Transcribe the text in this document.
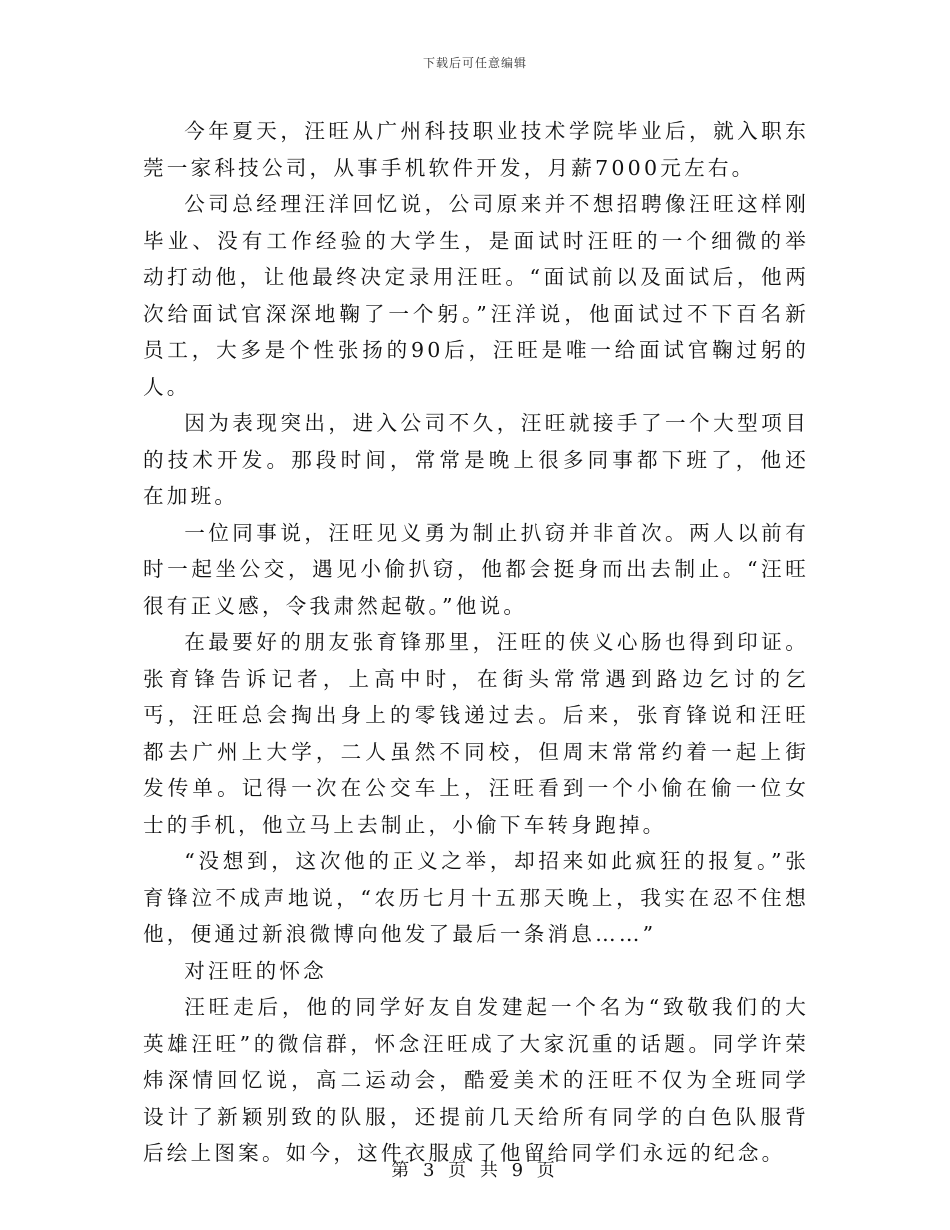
下载后可任意编辑

今年夏天，汪旺从广州科技职业技术学院毕业后，就入职东莞一家科技公司，从事手机软件开发，月薪7000元左右。

公司总经理汪洋回忆说，公司原来并不想招聘像汪旺这样刚毕业、没有工作经验的大学生，是面试时汪旺的一个细微的举动打动他，让他最终决定录用汪旺。“面试前以及面试后，他两次给面试官深深地鞠了一个躬。”汪洋说，他面试过不下百名新员工，大多是个性张扬的90后，汪旺是唯一给面试官鞠过躬的人。

因为表现突出，进入公司不久，汪旺就接手了一个大型项目的技术开发。那段时间，常常是晚上很多同事都下班了，他还在加班。

一位同事说，汪旺见义勇为制止扒窃并非首次。两人以前有时一起坐公交，遇见小偷扒窃，他都会挺身而出去制止。“汪旺很有正义感，令我肃然起敬。”他说。

在最要好的朋友张育锋那里，汪旺的侠义心肠也得到印证。张育锋告诉记者，上高中时，在街头常常遇到路边乞讨的乞丐，汪旺总会掏出身上的零钱递过去。后来，张育锋说和汪旺都去广州上大学，二人虽然不同校，但周末常常约着一起上街发传单。记得一次在公交车上，汪旺看到一个小偷在偷一位女士的手机，他立马上去制止，小偷下车转身跑掉。

“没想到，这次他的正义之举，却招来如此疯狂的报复。”张育锋泣不成声地说，“农历七月十五那天晚上，我实在忍不住想他，便通过新浪微博向他发了最后一条消息……”

对汪旺的怀念

汪旺走后，他的同学好友自发建起一个名为“致敬我们的大英雄汪旺”的微信群，怀念汪旺成了大家沉重的话题。同学许荣炜深情回忆说，高二运动会，酷爱美术的汪旺不仅为全班同学设计了新颖别致的队服，还提前几天给所有同学的白色队服背后绘上图案。如今，这件衣服成了他留给同学们永远的纪念。

第 3 页 共 9 页
